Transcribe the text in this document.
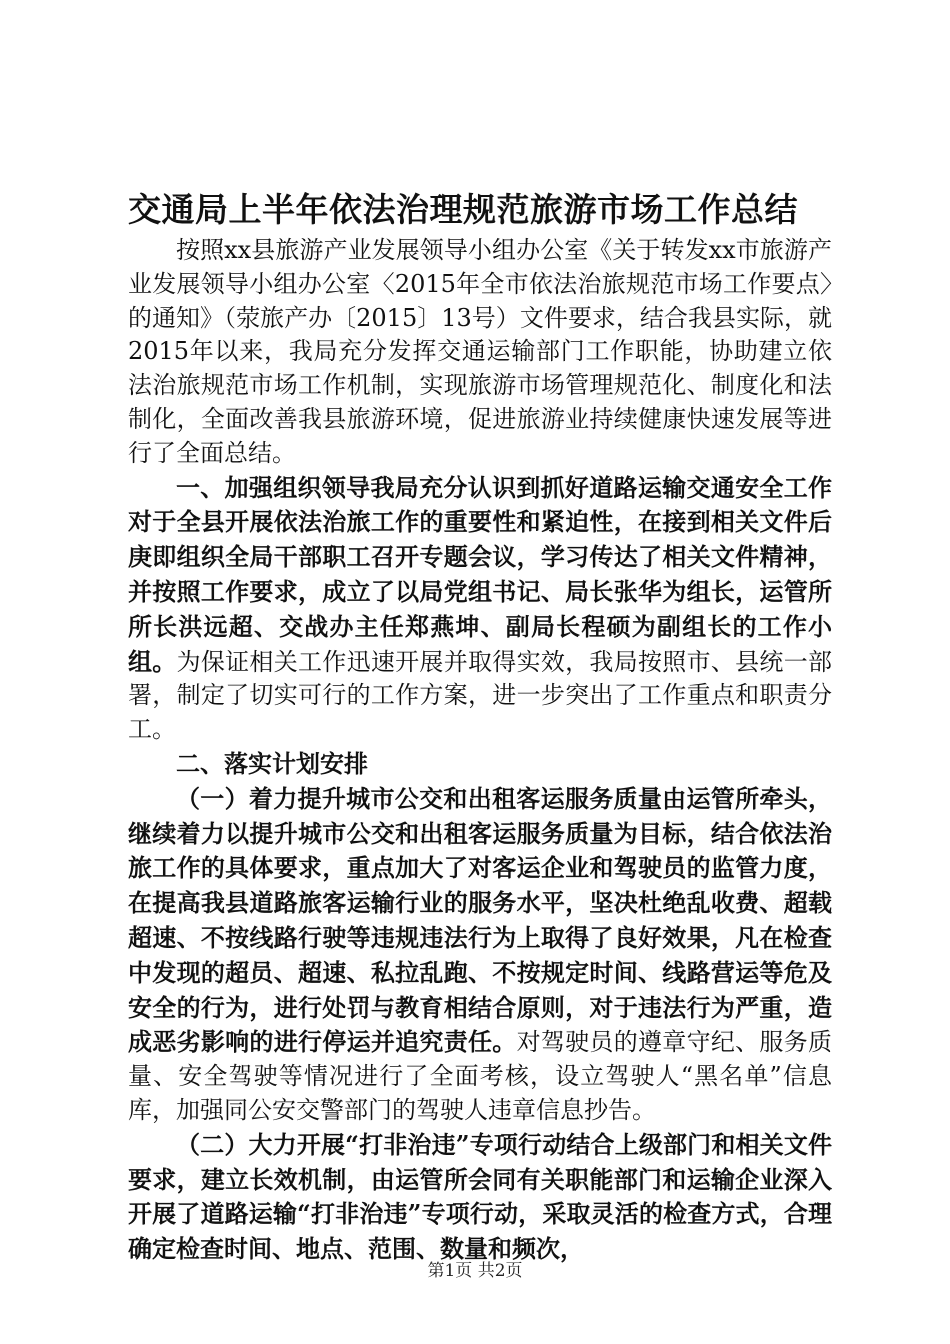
交通局上半年依法治理规范旅游市场工作总结

按照xx县旅游产业发展领导小组办公室《关于转发xx市旅游产业发展领导小组办公室〈2015年全市依法治旅规范市场工作要点〉的通知》（荥旅产办〔2015〕13号）文件要求，结合我县实际，就2015年以来，我局充分发挥交通运输部门工作职能，协助建立依法治旅规范市场工作机制，实现旅游市场管理规范化、制度化和法制化，全面改善我县旅游环境，促进旅游业持续健康快速发展等进行了全面总结。

一、加强组织领导我局充分认识到抓好道路运输交通安全工作对于全县开展依法治旅工作的重要性和紧迫性，在接到相关文件后庚即组织全局干部职工召开专题会议，学习传达了相关文件精神，并按照工作要求，成立了以局党组书记、局长张华为组长，运管所所长洪远超、交战办主任郑燕坤、副局长程硕为副组长的工作小组。为保证相关工作迅速开展并取得实效，我局按照市、县统一部署，制定了切实可行的工作方案，进一步突出了工作重点和职责分工。

二、落实计划安排

（一）着力提升城市公交和出租客运服务质量由运管所牵头，继续着力以提升城市公交和出租客运服务质量为目标，结合依法治旅工作的具体要求，重点加大了对客运企业和驾驶员的监管力度，在提高我县道路旅客运输行业的服务水平，坚决杜绝乱收费、超载超速、不按线路行驶等违规违法行为上取得了良好效果，凡在检查中发现的超员、超速、私拉乱跑、不按规定时间、线路营运等危及安全的行为，进行处罚与教育相结合原则，对于违法行为严重，造成恶劣影响的进行停运并追究责任。对驾驶员的遵章守纪、服务质量、安全驾驶等情况进行了全面考核，设立驾驶人“黑名单”信息库，加强同公安交警部门的驾驶人违章信息抄告。

（二）大力开展“打非治违”专项行动结合上级部门和相关文件要求，建立长效机制，由运管所会同有关职能部门和运输企业深入开展了道路运输“打非治违”专项行动，采取灵活的检查方式，合理确定检查时间、地点、范围、数量和频次，

第1页 共2页
